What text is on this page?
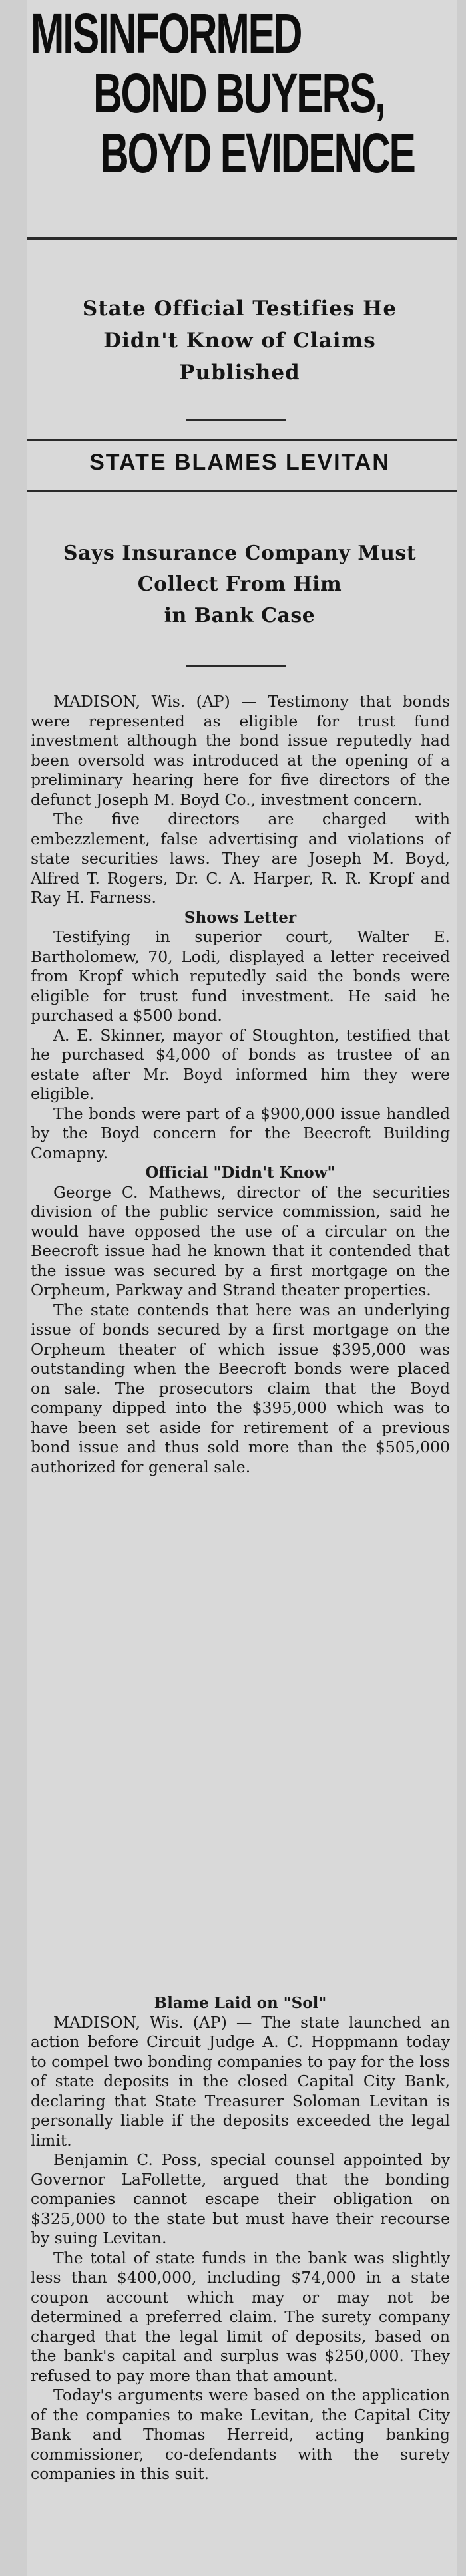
MISINFORMED
BOND BUYERS,
BOYD EVIDENCE
State Official Testifies He
Didn't Know of Claims
Published
STATE BLAMES LEVITAN
Says Insurance Company Must
Collect From Him
in Bank Case

MADISON, Wis. (AP) — Testimony that bonds were represented as eligible for trust fund investment although the bond issue reputedly had been oversold was introduced at the opening of a preliminary hearing here for five directors of the defunct Joseph M. Boyd Co., investment concern.

The five directors are charged with embezzlement, false advertising and violations of state securities laws. They are Joseph M. Boyd, Alfred T. Rogers, Dr. C. A. Harper, R. R. Kropf and Ray H. Farness.

Shows Letter

Testifying in superior court, Walter E. Bartholomew, 70, Lodi, displayed a letter received from Kropf which reputedly said the bonds were eligible for trust fund investment. He said he purchased a $500 bond.

A. E. Skinner, mayor of Stoughton, testified that he purchased $4,000 of bonds as trustee of an estate after Mr. Boyd informed him they were eligible.

The bonds were part of a $900,000 issue handled by the Boyd concern for the Beecroft Building Comapny.

Official "Didn't Know"

George C. Mathews, director of the securities division of the public service commission, said he would have opposed the use of a circular on the Beecroft issue had he known that it contended that the issue was secured by a first mortgage on the Orpheum, Parkway and Strand theater properties.

The state contends that here was an underlying issue of bonds secured by a first mortgage on the Orpheum theater of which issue $395,000 was outstanding when the Beecroft bonds were placed on sale. The prosecutors claim that the Boyd company dipped into the $395,000 which was to have been set aside for retirement of a previous bond issue and thus sold more than the $505,000 authorized for general sale.

Blame Laid on "Sol"

MADISON, Wis. (AP) — The state launched an action before Circuit Judge A. C. Hoppmann today to compel two bonding companies to pay for the loss of state deposits in the closed Capital City Bank, declaring that State Treasurer Soloman Levitan is personally liable if the deposits exceeded the legal limit.

Benjamin C. Poss, special counsel appointed by Governor LaFollette, argued that the bonding companies cannot escape their obligation on $325,000 to the state but must have their recourse by suing Levitan.

The total of state funds in the bank was slightly less than $400,000, including $74,000 in a state coupon account which may or may not be determined a preferred claim. The surety company charged that the legal limit of deposits, based on the bank's capital and surplus was $250,000. They refused to pay more than that amount.

Today's arguments were based on the application of the companies to make Levitan, the Capital City Bank and Thomas Herreid, acting banking commissioner, co-defendants with the surety companies in this suit.
